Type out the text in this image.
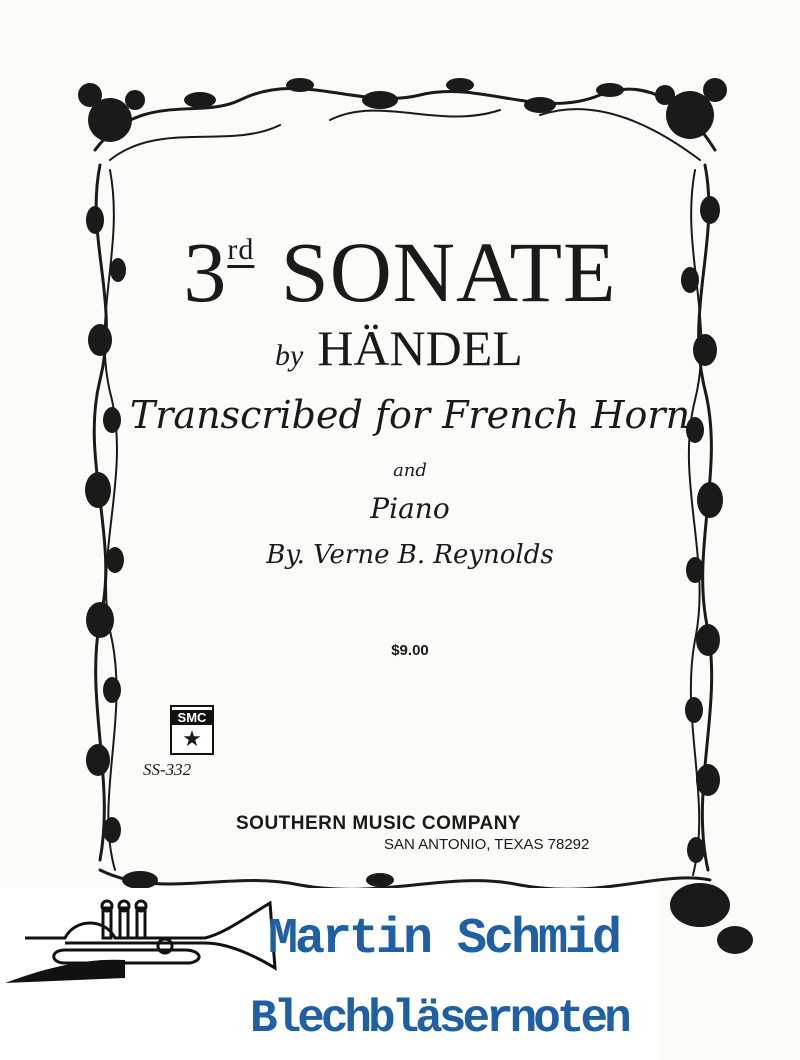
3rd SONATE
by HÄNDEL
Transcribed for French Horn
and
Piano
By. Verne B. Reynolds
$9.00
SMC
★
SS-332
SOUTHERN MUSIC COMPANY
SAN ANTONIO, TEXAS 78292
Martin Schmid
Blechbläsernoten
